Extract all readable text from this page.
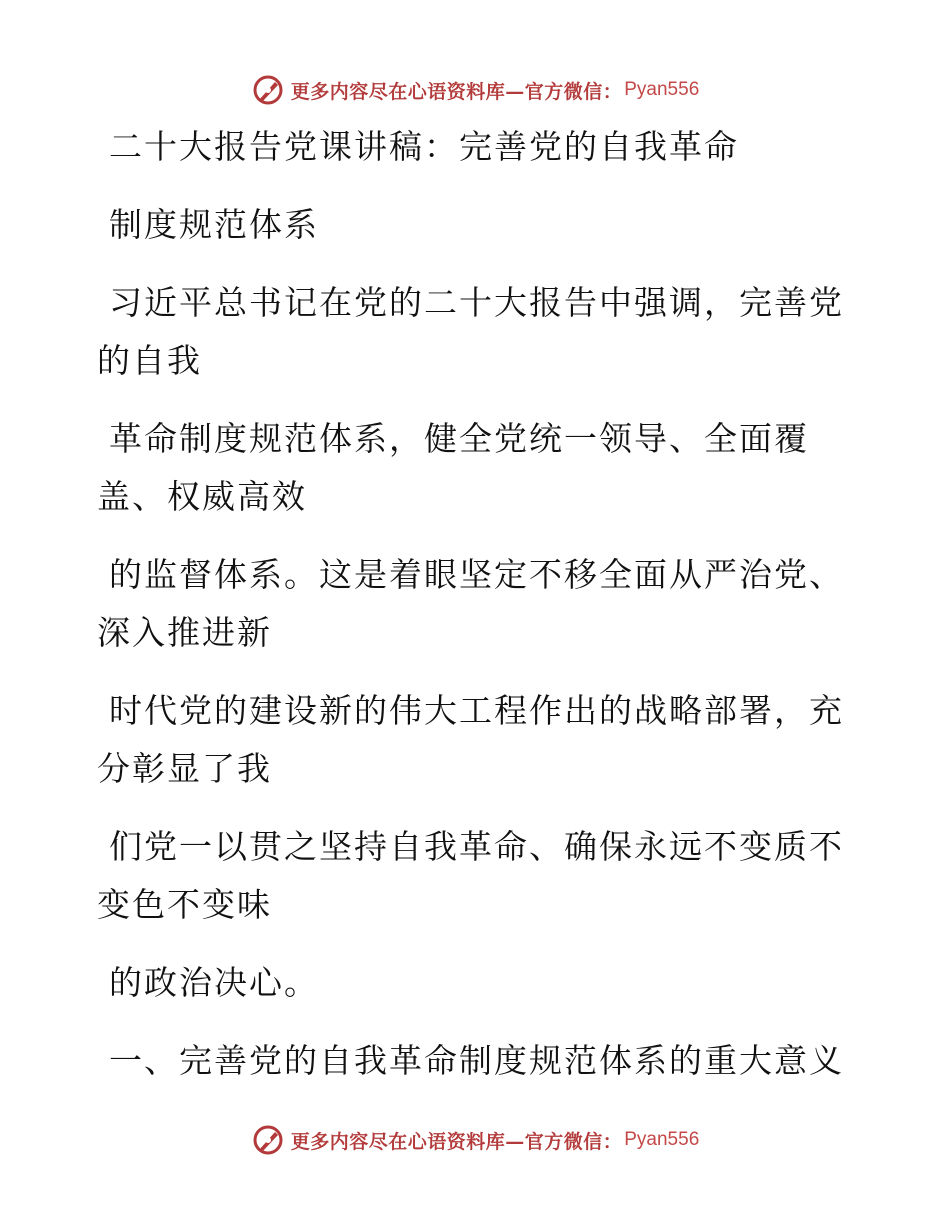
更多内容尽在心语资料库—官方微信： Pyan556
二十大报告党课讲稿：完善党的自我革命
制度规范体系
习近平总书记在党的二十大报告中强调，完善党
的自我
革命制度规范体系，健全党统一领导、全面覆
盖、权威高效
的监督体系。这是着眼坚定不移全面从严治党、
深入推进新
时代党的建设新的伟大工程作出的战略部署，充
分彰显了我
们党一以贯之坚持自我革命、确保永远不变质不
变色不变味
的政治决心。
一、完善党的自我革命制度规范体系的重大意义
更多内容尽在心语资料库—官方微信： Pyan556
